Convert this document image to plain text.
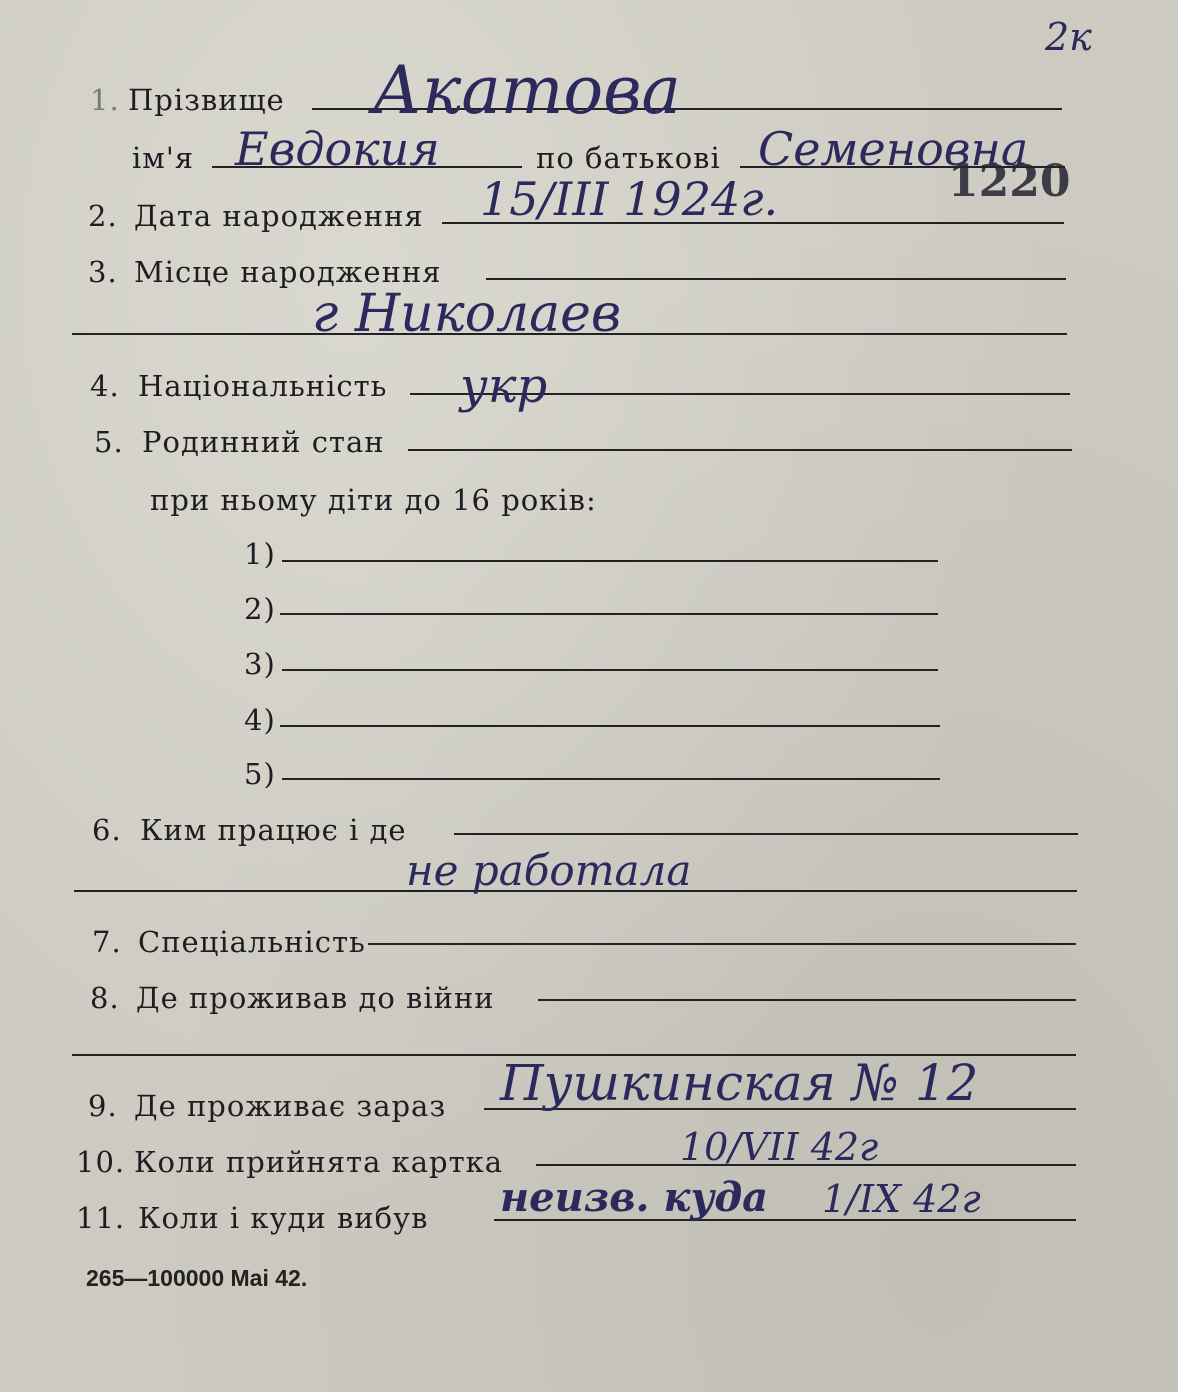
2к
1220
1. Прізвище Акатова
ім'я Евдокия	по батькові Семеновна
2. Дата народження 15/III 1924г.
3. Місце народження
г Николаев
4. Національність укр
5. Родинний стан
при ньому діти до 16 років:
1)
2)
3)
4)
5)
6. Ким працює і де
не работала
7. Спеціальність
8. Де проживав до війни
9. Де проживає зараз Пушкинская № 12
10. Коли прийнята картка	10/VII 42г
11. Коли і куди вибув неизв. куда 1/IX 42г
265—100000 Mai 42.
